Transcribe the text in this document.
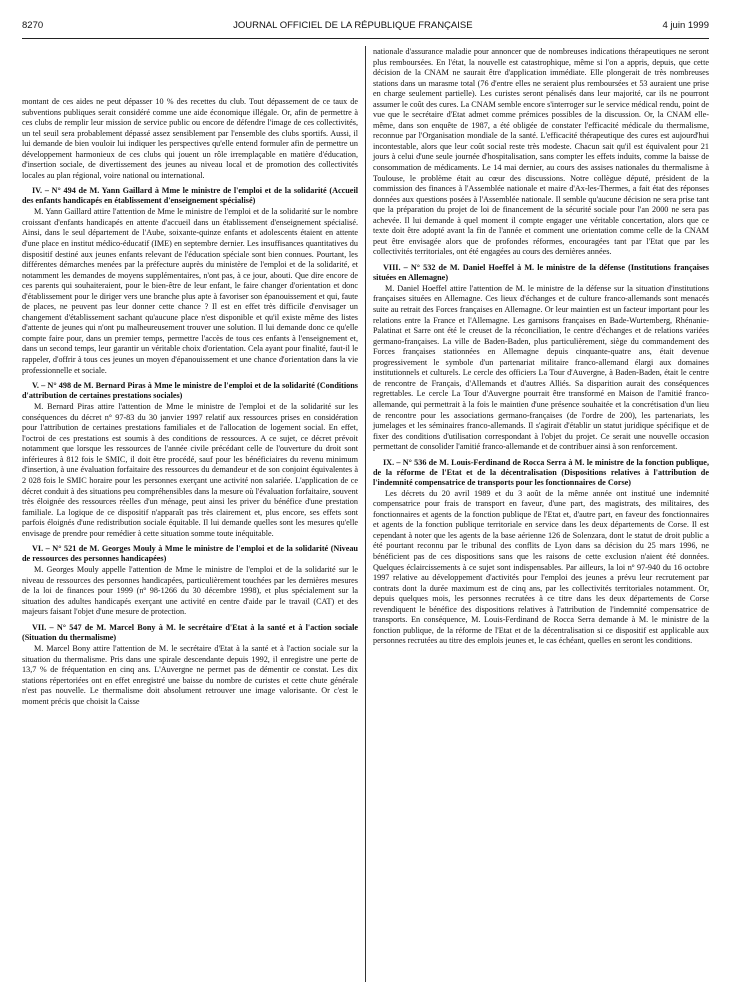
8270	JOURNAL OFFICIEL DE LA RÉPUBLIQUE FRANÇAISE	4 juin 1999

montant de ces aides ne peut dépasser 10 % des recettes du club. Tout dépassement de ce taux de subventions publiques serait considéré comme une aide économique illégale. Or, afin de permettre à ces clubs de remplir leur mission de service public ou encore de défendre l'image de ces collectivités, un tel seuil sera probablement dépassé assez sensiblement par l'ensemble des clubs sportifs. Aussi, il lui demande de bien vouloir lui indiquer les perspectives qu'elle entend formuler afin de permettre un développement harmonieux de ces clubs qui jouent un rôle irremplaçable en matière d'éducation, d'insertion sociale, de divertissement des jeunes au niveau local et de promotion des collectivités locales au plan régional, voire national ou international.

IV. – N° 494 de M. Yann Gaillard à Mme le ministre de l'emploi et de la solidarité (Accueil des enfants handicapés en établissement d'enseignement spécialisé)

M. Yann Gaillard attire l'attention de Mme le ministre de l'emploi et de la solidarité sur le nombre croissant d'enfants handicapés en attente d'accueil dans un établissement d'enseignement spécialisé. Ainsi, dans le seul département de l'Aube, soixante-quinze enfants et adolescents étaient en attente d'une place en institut médico-éducatif (IME) en septembre dernier. Les insuffisances quantitatives du dispositif destiné aux jeunes enfants relevant de l'éducation spéciale sont bien connues. Pourtant, les différentes démarches menées par la préfecture auprès du ministère de l'emploi et de la solidarité, et notamment les demandes de moyens supplémentaires, n'ont pas, à ce jour, abouti. Que dire encore de ces parents qui souhaiteraient, pour le bien-être de leur enfant, le faire changer d'orientation et donc d'établissement pour le diriger vers une branche plus apte à favoriser son épanouissement et qui, faute de places, ne peuvent pas leur donner cette chance ? Il est en effet très difficile d'envisager un changement d'établissement sachant qu'aucune place n'est disponible et qu'il existe même des listes d'attente de jeunes qui n'ont pu malheureusement trouver une solution. Il lui demande donc ce qu'elle compte faire pour, dans un premier temps, permettre l'accès de tous ces enfants à l'enseignement et, dans un second temps, leur garantir un véritable choix d'orientation. Cela ayant pour finalité, faut-il le rappeler, d'offrir à tous ces jeunes un moyen d'épanouissement et une chance d'orientation dans la vie professionnelle et sociale.

V. – N° 498 de M. Bernard Piras à Mme le ministre de l'emploi et de la solidarité (Conditions d'attribution de certaines prestations sociales)

M. Bernard Piras attire l'attention de Mme le ministre de l'emploi et de la solidarité sur les conséquences du décret n° 97-83 du 30 janvier 1997 relatif aux ressources prises en considération pour l'attribution de certaines prestations familiales et de l'allocation de logement social. En effet, l'octroi de ces prestations est soumis à des conditions de ressources. A ce sujet, ce décret prévoit notamment que lorsque les ressources de l'année civile précédant celle de l'ouverture du droit sont inférieures à 812 fois le SMIC, il doit être procédé, sauf pour les bénéficiaires du revenu minimum d'insertion, à une évaluation forfaitaire des ressources du demandeur et de son conjoint équivalentes à 2 028 fois le SMIC horaire pour les personnes exerçant une activité non salariée. L'application de ce décret conduit à des situations peu compréhensibles dans la mesure où l'évaluation forfaitaire, souvent très éloignée des ressources réelles d'un ménage, peut ainsi les priver du bénéfice d'une prestation familiale. La logique de ce dispositif n'apparaît pas très clairement et, plus encore, ses effets sont parfois éloignés d'une redistribution sociale équitable. Il lui demande quelles sont les mesures qu'elle envisage de prendre pour remédier à cette situation somme toute inéquitable.

VI. – N° 521 de M. Georges Mouly à Mme le ministre de l'emploi et de la solidarité (Niveau de ressources des personnes handicapées)

M. Georges Mouly appelle l'attention de Mme le ministre de l'emploi et de la solidarité sur le niveau de ressources des personnes handicapées, particulièrement touchées par les dernières mesures de la loi de finances pour 1999 (nº 98-1266 du 30 décembre 1998), et plus spécialement sur la situation des adultes handicapés exerçant une activité en centre d'aide par le travail (CAT) et des majeurs faisant l'objet d'une mesure de protection.

VII. – N° 547 de M. Marcel Bony à M. le secrétaire d'Etat à la santé et à l'action sociale (Situation du thermalisme)

M. Marcel Bony attire l'attention de M. le secrétaire d'Etat à la santé et à l'action sociale sur la situation du thermalisme. Pris dans une spirale descendante depuis 1992, il enregistre une perte de 13,7 % de fréquentation en cinq ans. L'Auvergne ne permet pas de démentir ce constat. Les dix stations répertoriées ont en effet enregistré une baisse du nombre de curistes et cette chute générale n'est pas nouvelle. Le thermalisme doit absolument retrouver une image valorisante. Or c'est le moment précis que choisit la Caisse

nationale d'assurance maladie pour annoncer que de nombreuses indications thérapeutiques ne seront plus remboursées. En l'état, la nouvelle est catastrophique, même si l'on a appris, depuis, que cette décision de la CNAM ne saurait être d'application immédiate. Elle plongerait de très nombreuses stations dans un marasme total (76 d'entre elles ne seraient plus remboursées et 53 auraient une prise en charge seulement partielle). Les curistes seront pénalisés dans leur majorité, car ils ne pourront assumer le coût des cures. La CNAM semble encore s'interroger sur le service médical rendu, point de vue que le secrétaire d'Etat admet comme prémices possibles de la discussion. Or, la CNAM elle-même, dans son enquête de 1987, a été obligée de constater l'efficacité médicale du thermalisme, reconnue par l'Organisation mondiale de la santé. L'efficacité thérapeutique des cures est aujourd'hui incontestable, alors que leur coût social reste très modeste. Chacun sait qu'il est équivalent pour 21 jours à celui d'une seule journée d'hospitalisation, sans compter les effets induits, comme la baisse de consommation de médicaments. Le 14 mai dernier, au cours des assises nationales du thermalisme à Toulouse, le problème était au cœur des discussions. Notre collègue député, président de la commission des finances à l'Assemblée nationale et maire d'Ax-les-Thermes, a fait état des réponses données aux questions posées à l'Assemblée nationale. Il semble qu'aucune décision ne sera prise tant que la préparation du projet de loi de financement de la sécurité sociale pour l'an 2000 ne sera pas achevée. Il lui demande à quel moment il compte engager une véritable concertation, alors que ce texte doit être adopté avant la fin de l'année et comment une orientation comme celle de la CNAM peut être envisagée alors que de profondes réformes, encouragées tant par l'Etat que par les collectivités territoriales, ont été engagées au cours des dernières années.

VIII. – N° 532 de M. Daniel Hoeffel à M. le ministre de la défense (Institutions françaises situées en Allemagne)

M. Daniel Hoeffel attire l'attention de M. le ministre de la défense sur la situation d'institutions françaises situées en Allemagne. Ces lieux d'échanges et de culture franco-allemands sont menacés suite au retrait des Forces françaises en Allemagne. Or leur maintien est un facteur important pour les relations entre la France et l'Allemagne. Les garnisons françaises en Bade-Wurtemberg, Rhénanie-Palatinat et Sarre ont été le creuset de la réconciliation, le centre d'échanges et de relations variées germano-françaises. La ville de Baden-Baden, plus particulièrement, siège du commandement des Forces françaises stationnées en Allemagne depuis cinquante-quatre ans, était devenue progressivement le symbole d'un partenariat militaire franco-allemand élargi aux domaines institutionnels et culturels. Le cercle des officiers La Tour d'Auvergne, à Baden-Baden, était le centre de rencontre de Français, d'Allemands et d'autres Alliés. Sa disparition aurait des conséquences regrettables. Le cercle La Tour d'Auvergne pourrait être transformé en Maison de l'amitié franco-allemande, qui permettrait à la fois le maintien d'une présence souhaitée et la concrétisation d'un lieu de rencontre pour les associations germano-françaises (de l'ordre de 200), les partenariats, les jumelages et les séminaires franco-allemands. Il s'agirait d'établir un statut juridique spécifique et de fixer des conditions d'utilisation correspondant à l'objet du projet. Ce serait une nouvelle occasion permettant de consolider l'amitié franco-allemande et de contribuer ainsi à son renforcement.

IX. – N° 536 de M. Louis-Ferdinand de Rocca Serra à M. le ministre de la fonction publique, de la réforme de l'Etat et de la décentralisation (Dispositions relatives à l'attribution de l'indemnité compensatrice de transports pour les fonctionnaires de Corse)

Les décrets du 20 avril 1989 et du 3 août de la même année ont institué une indemnité compensatrice pour frais de transport en faveur, d'une part, des magistrats, des militaires, des fonctionnaires et agents de la fonction publique de l'Etat et, d'autre part, en faveur des fonctionnaires et agents de la fonction publique territoriale en service dans les deux départements de Corse. Il est cependant à noter que les agents de la base aérienne 126 de Solenzara, dont le statut de droit public a été pourtant reconnu par le tribunal des conflits de Lyon dans sa décision du 25 mars 1996, ne bénéficient pas de ces dispositions sans que les raisons de cette exclusion n'aient été données. Quelques éclaircissements à ce sujet sont indispensables. Par ailleurs, la loi nº 97-940 du 16 octobre 1997 relative au développement d'activités pour l'emploi des jeunes a prévu leur recrutement par contrats dont la durée maximum est de cinq ans, par les collectivités territoriales notamment. Or, depuis quelques mois, les personnes recrutées à ce titre dans les deux départements de Corse revendiquent le bénéfice des dispositions relatives à l'attribution de l'indemnité compensatrice de transports. En conséquence, M. Louis-Ferdinand de Rocca Serra demande à M. le ministre de la fonction publique, de la réforme de l'Etat et de la décentralisation si ce dispositif est applicable aux personnes recrutées au titre des emplois jeunes et, le cas échéant, quelles en seront les conditions.
